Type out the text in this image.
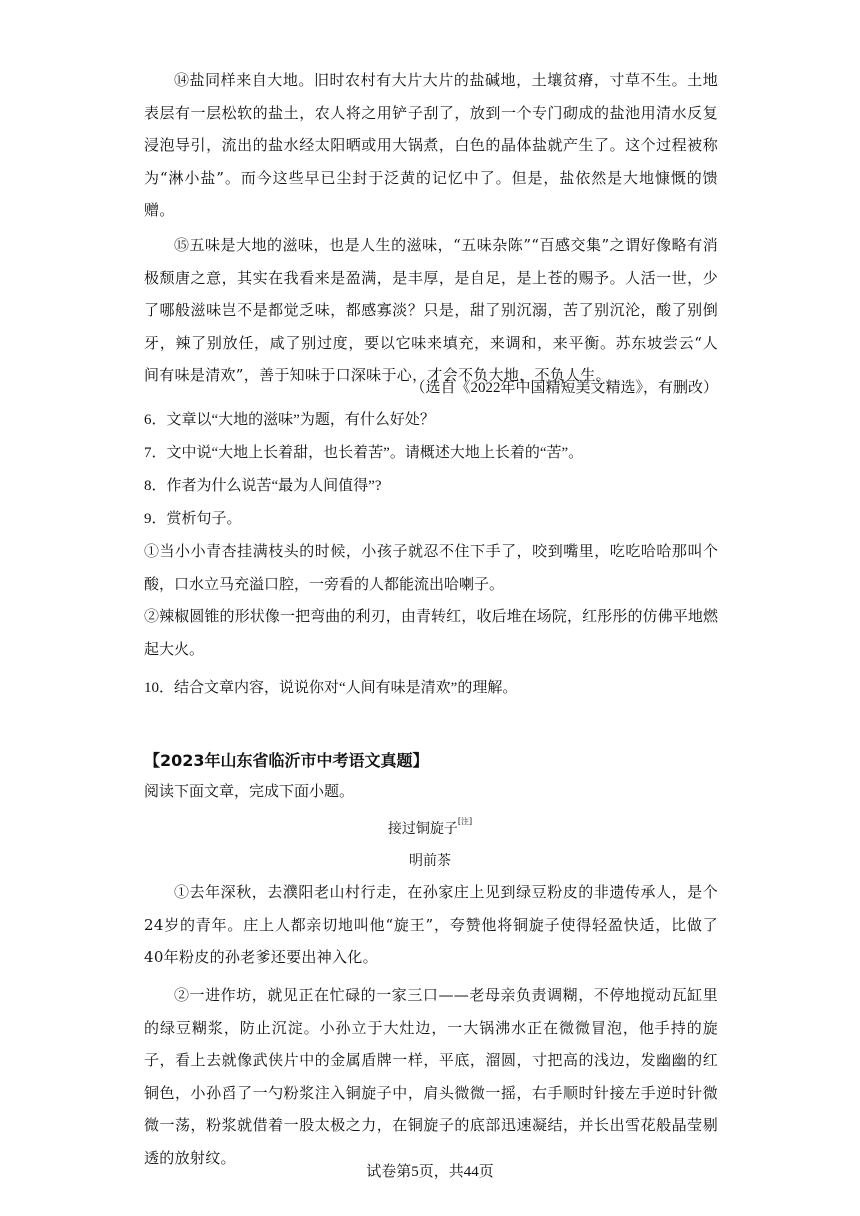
⑭盐同样来自大地。旧时农村有大片大片的盐碱地，土壤贫瘠，寸草不生。土地表层有一层松软的盐土，农人将之用铲子刮了，放到一个专门砌成的盐池用清水反复浸泡导引，流出的盐水经太阳晒或用大锅煮，白色的晶体盐就产生了。这个过程被称为“淋小盐”。而今这些早已尘封于泛黄的记忆中了。但是，盐依然是大地慷慨的馈赠。

⑮五味是大地的滋味，也是人生的滋味，“五味杂陈”“百感交集”之谓好像略有消极颓唐之意，其实在我看来是盈满，是丰厚，是自足，是上苍的赐予。人活一世，少了哪般滋味岂不是都觉乏味，都感寡淡？只是，甜了别沉溺，苦了别沉沦，酸了别倒牙，辣了别放任，咸了别过度，要以它味来填充，来调和，来平衡。苏东坡尝云“人间有味是清欢”，善于知味于口深味于心，才会不负大地，不负人生。

（选自《2022年中国精短美文精选》，有删改）

6．文章以“大地的滋味”为题，有什么好处？

7．文中说“大地上长着甜，也长着苦”。请概述大地上长着的“苦”。

8．作者为什么说苦“最为人间值得”?

9．赏析句子。

①当小小青杏挂满枝头的时候，小孩子就忍不住下手了，咬到嘴里，吃吃哈哈那叫个酸，口水立马充溢口腔，一旁看的人都能流出哈喇子。

②辣椒圆锥的形状像一把弯曲的利刃，由青转红，收后堆在场院，红彤彤的仿佛平地燃起大火。

10．结合文章内容，说说你对“人间有味是清欢”的理解。

【2023年山东省临沂市中考语文真题】
阅读下面文章，完成下面小题。
接过铜旋子[注]
明前茶

①去年深秋，去濮阳老山村行走，在孙家庄上见到绿豆粉皮的非遗传承人，是个24岁的青年。庄上人都亲切地叫他“旋王”，夸赞他将铜旋子使得轻盈快适，比做了40年粉皮的孙老爹还要出神入化。

②一进作坊，就见正在忙碌的一家三口——老母亲负责调糊，不停地搅动瓦缸里的绿豆糊浆，防止沉淀。小孙立于大灶边，一大锅沸水正在微微冒泡，他手持的旋子，看上去就像武侠片中的金属盾牌一样，平底，溜圆，寸把高的浅边，发幽幽的红铜色，小孙舀了一勺粉浆注入铜旋子中，肩头微微一摇，右手顺时针接左手逆时针微微一荡，粉浆就借着一股太极之力，在铜旋子的底部迅速凝结，并长出雪花般晶莹剔透的放射纹。

试卷第5页，共44页
